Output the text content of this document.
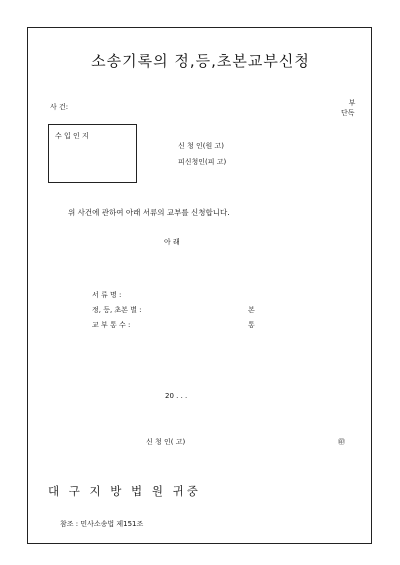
소송기록의 정,등,초본교부신청
사 건:	부
단독
수 입 인 지
신 청 인(원 고)
피신청인(피 고)
위 사건에 관하여 아래 서류의 교부를 신청합니다.
아 래
서 류 명 :
정, 등, 초본 별 :	본
교 부 통 수 :	통
20 . . .
신 청 인( 고)	㊞
대 구 지 방 법 원 귀중
참조 : 민사소송법 제151조
